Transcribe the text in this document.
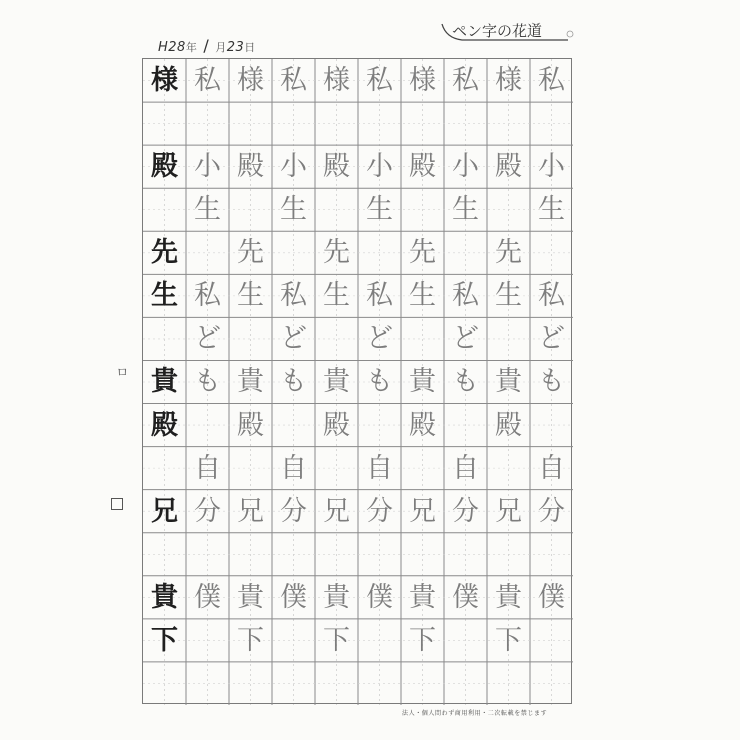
H28年 / 月23日
ペン字の花道
ㅁ
様 私 様 私 様 私 様 私 様 私
殿 小 殿 小 殿 小 殿 小 殿 小
生 生 生 生 生
先 先 先 先 先
生 私 生 私 生 私 生 私 生 私
ど ど ど ど ど
貴 も 貴 も 貴 も 貴 も 貴 も
殿 殿 殿 殿 殿
自 自 自 自 自
兄 分 兄 分 兄 分 兄 分 兄 分
貴 僕 貴 僕 貴 僕 貴 僕 貴 僕
下 下 下 下 下
法人・個人問わず商用利用・二次転載を禁じます
